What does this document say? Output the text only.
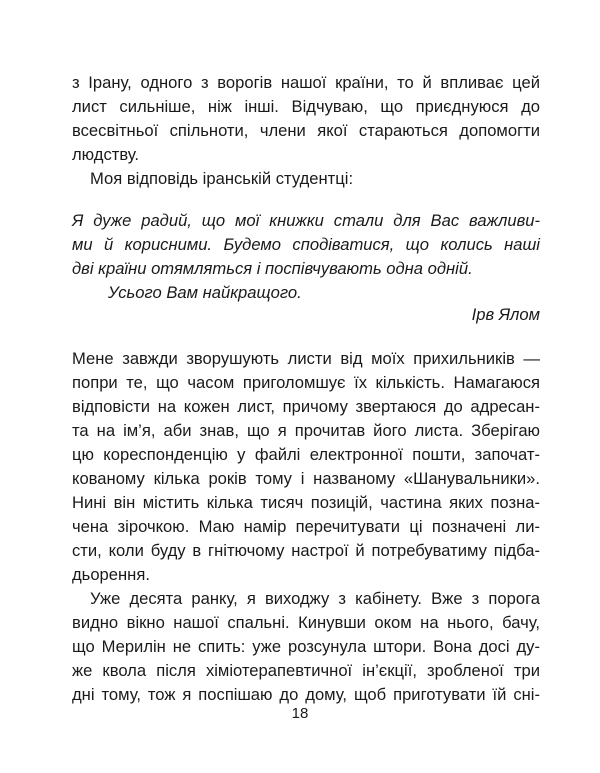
з Ірану, одного з ворогів нашої країни, то й впливає цей
лист сильніше, ніж інші. Відчуваю, що приєднуюся до
всесвітньої спільноти, члени якої стараються допомогти
людству.
Моя відповідь іранській студентці:
Я дуже радий, що мої книжки стали для Вас важливи-
ми й корисними. Будемо сподіватися, що колись наші
дві країни отямляться і поспівчувають одна одній.
Усього Вам найкращого.
Ірв Ялом
Мене завжди зворушують листи від моїх прихильників —
попри те, що часом приголомшує їх кількість. Намагаюся
відповісти на кожен лист, причому звертаюся до адресан-
та на ім’я, аби знав, що я прочитав його листа. Зберігаю
цю кореспонденцію у файлі електронної пошти, започат-
кованому кілька років тому і названому «Шанувальники».
Нині він містить кілька тисяч позицій, частина яких позна-
чена зірочкою. Маю намір перечитувати ці позначені ли-
сти, коли буду в гнітючому настрої й потребуватиму підба-
дьорення.
Уже десята ранку, я виходжу з кабінету. Вже з порога
видно вікно нашої спальні. Кинувши оком на нього, бачу,
що Мерилін не спить: уже розсунула штори. Вона досі ду-
же квола після хіміотерапевтичної ін’єкції, зробленої три
дні тому, тож я поспішаю до дому, щоб приготувати їй сні-
18
